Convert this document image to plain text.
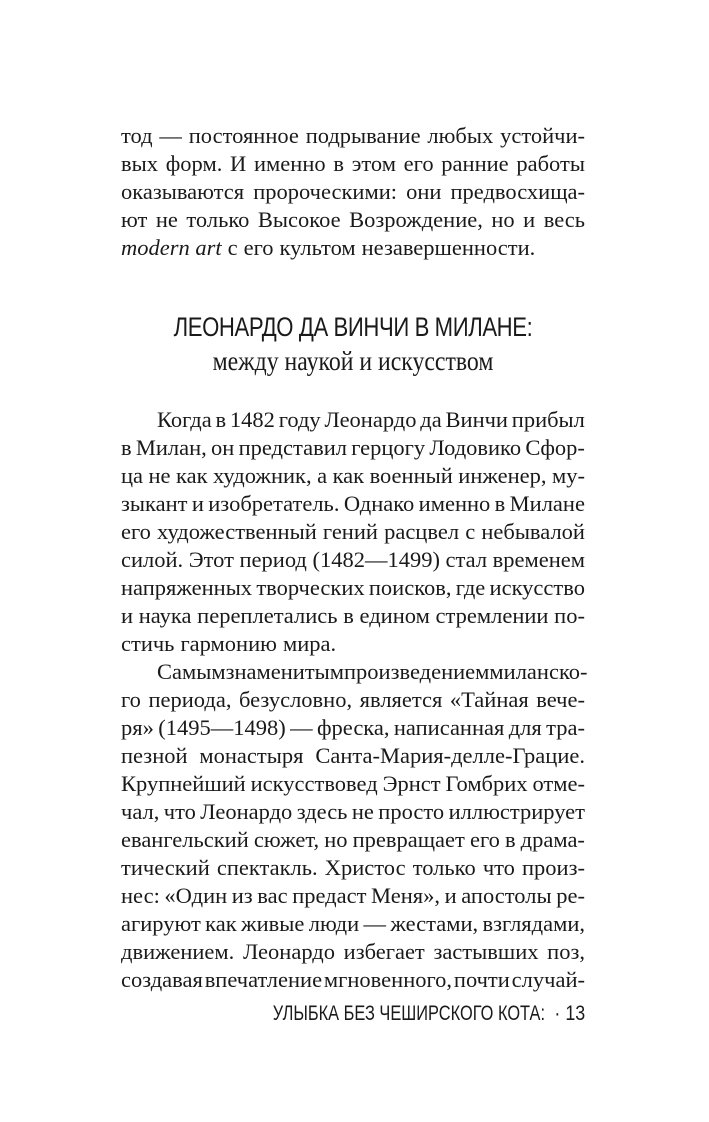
тод — постоянное подрывание любых устойчи-
вых форм. И именно в этом его ранние работы
оказываются пророческими: они предвосхища-
ют не только Высокое Возрождение, но и весь
modern art с его культом незавершенности.
ЛЕОНАРДО ДА ВИНЧИ В МИЛАНЕ:
между наукой и искусством
Когда в 1482 году Леонардо да Винчи прибыл
в Милан, он представил герцогу Лодовико Сфор-
ца не как художник, а как военный инженер, му-
зыкант и изобретатель. Однако именно в Милане
его художественный гений расцвел с небывалой
силой. Этот период (1482—1499) стал временем
напряженных творческих поисков, где искусство
и наука переплетались в едином стремлении по-
стичь гармонию мира.
Самым знаменитым произведением миланско-
го периода, безусловно, является «Тайная вече-
ря» (1495—1498) — фреска, написанная для тра-
пезной монастыря Санта-Мария-делле-Грацие.
Крупнейший искусствовед Эрнст Гомбрих отме-
чал, что Леонардо здесь не просто иллюстрирует
евангельский сюжет, но превращает его в драма-
тический спектакль. Христос только что произ-
нес: «Один из вас предаст Меня», и апостолы ре-
агируют как живые люди — жестами, взглядами,
движением. Леонардо избегает застывших поз,
создавая впечатление мгновенного, почти случай-
УЛЫБКА БЕЗ ЧЕШИРСКОГО КОТА: · 13
